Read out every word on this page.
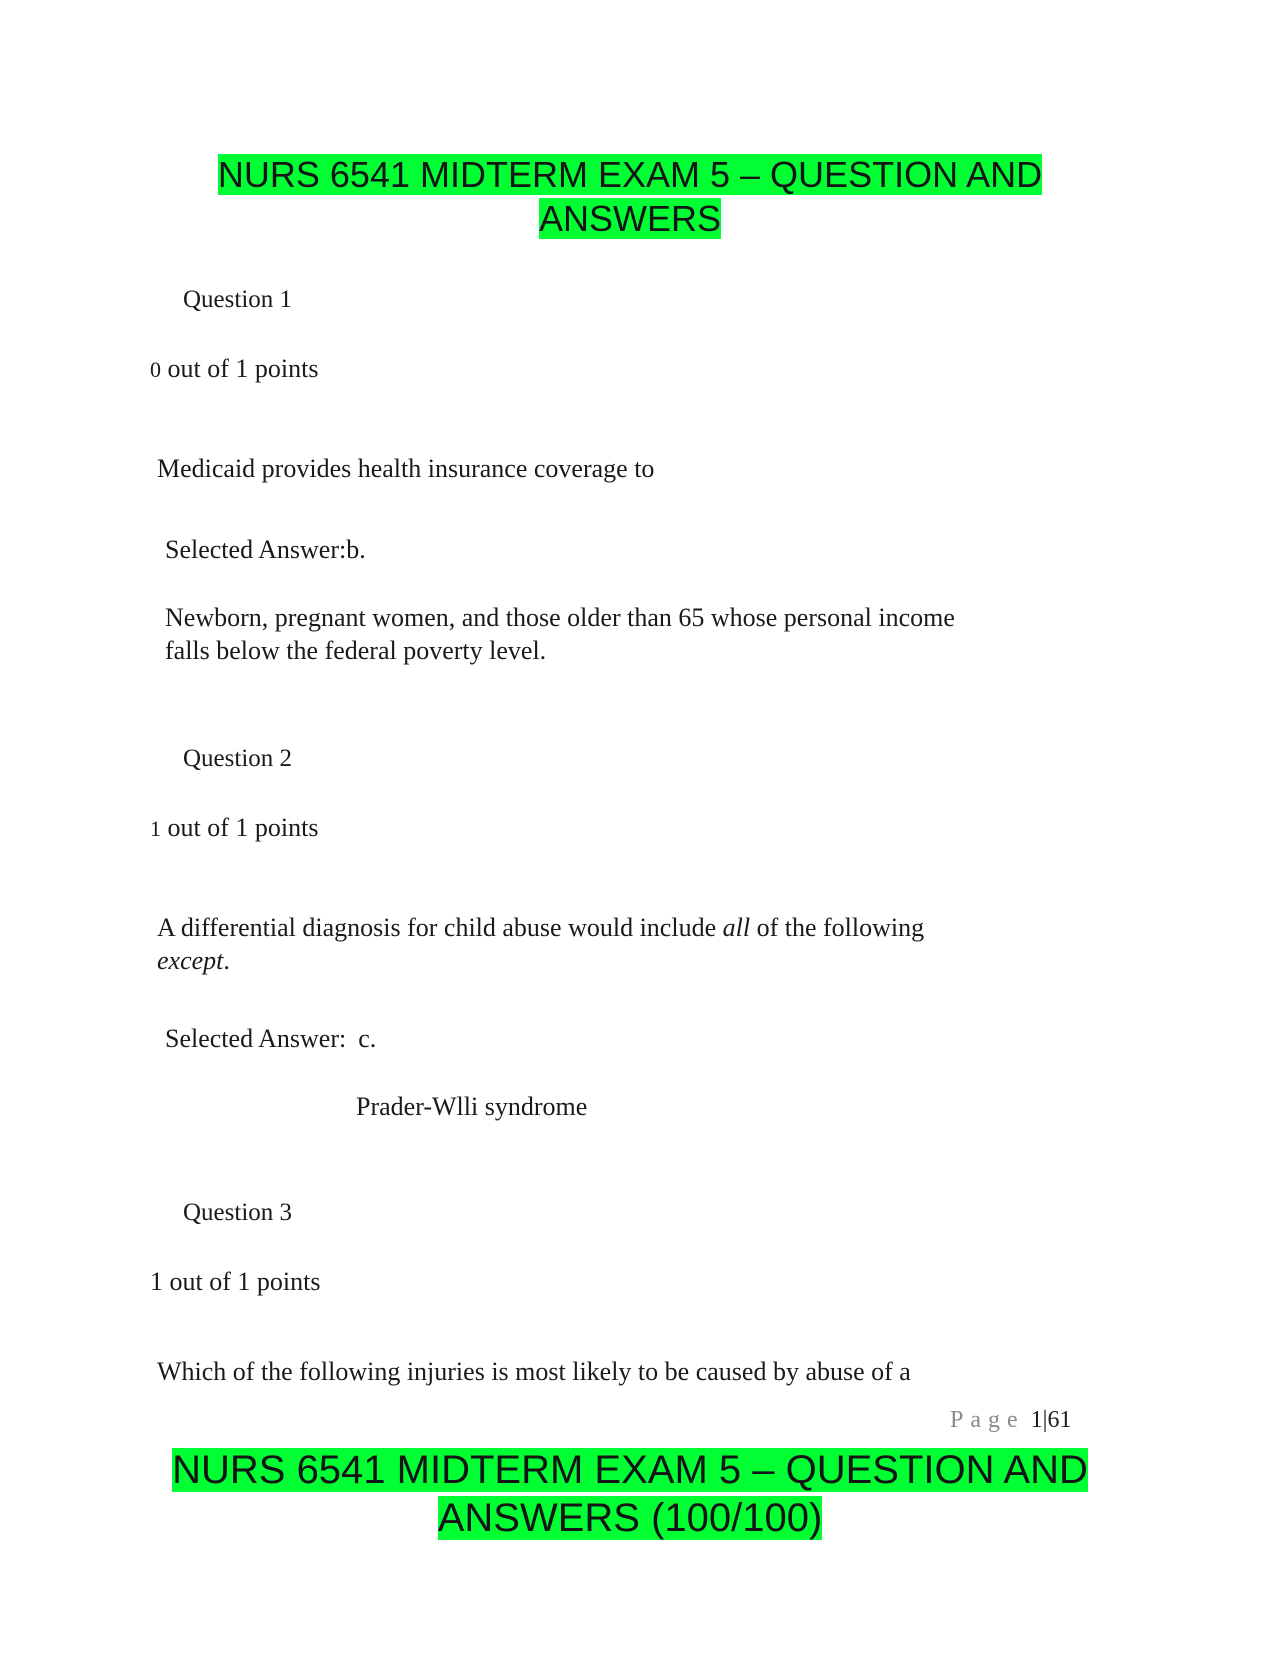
NURS 6541 MIDTERM EXAM 5 – QUESTION AND
ANSWERS
Question 1
0 out of 1 points
Medicaid provides health insurance coverage to
Selected Answer:b.
Newborn, pregnant women, and those older than 65 whose personal income
falls below the federal poverty level.
Question 2
1 out of 1 points
A differential diagnosis for child abuse would include all of the following
except.
Selected Answer: c.
Prader-Wlli syndrome
Question 3
1 out of 1 points
Which of the following injuries is most likely to be caused by abuse of a
Page 1|61
NURS 6541 MIDTERM EXAM 5 – QUESTION AND
ANSWERS (100/100)
